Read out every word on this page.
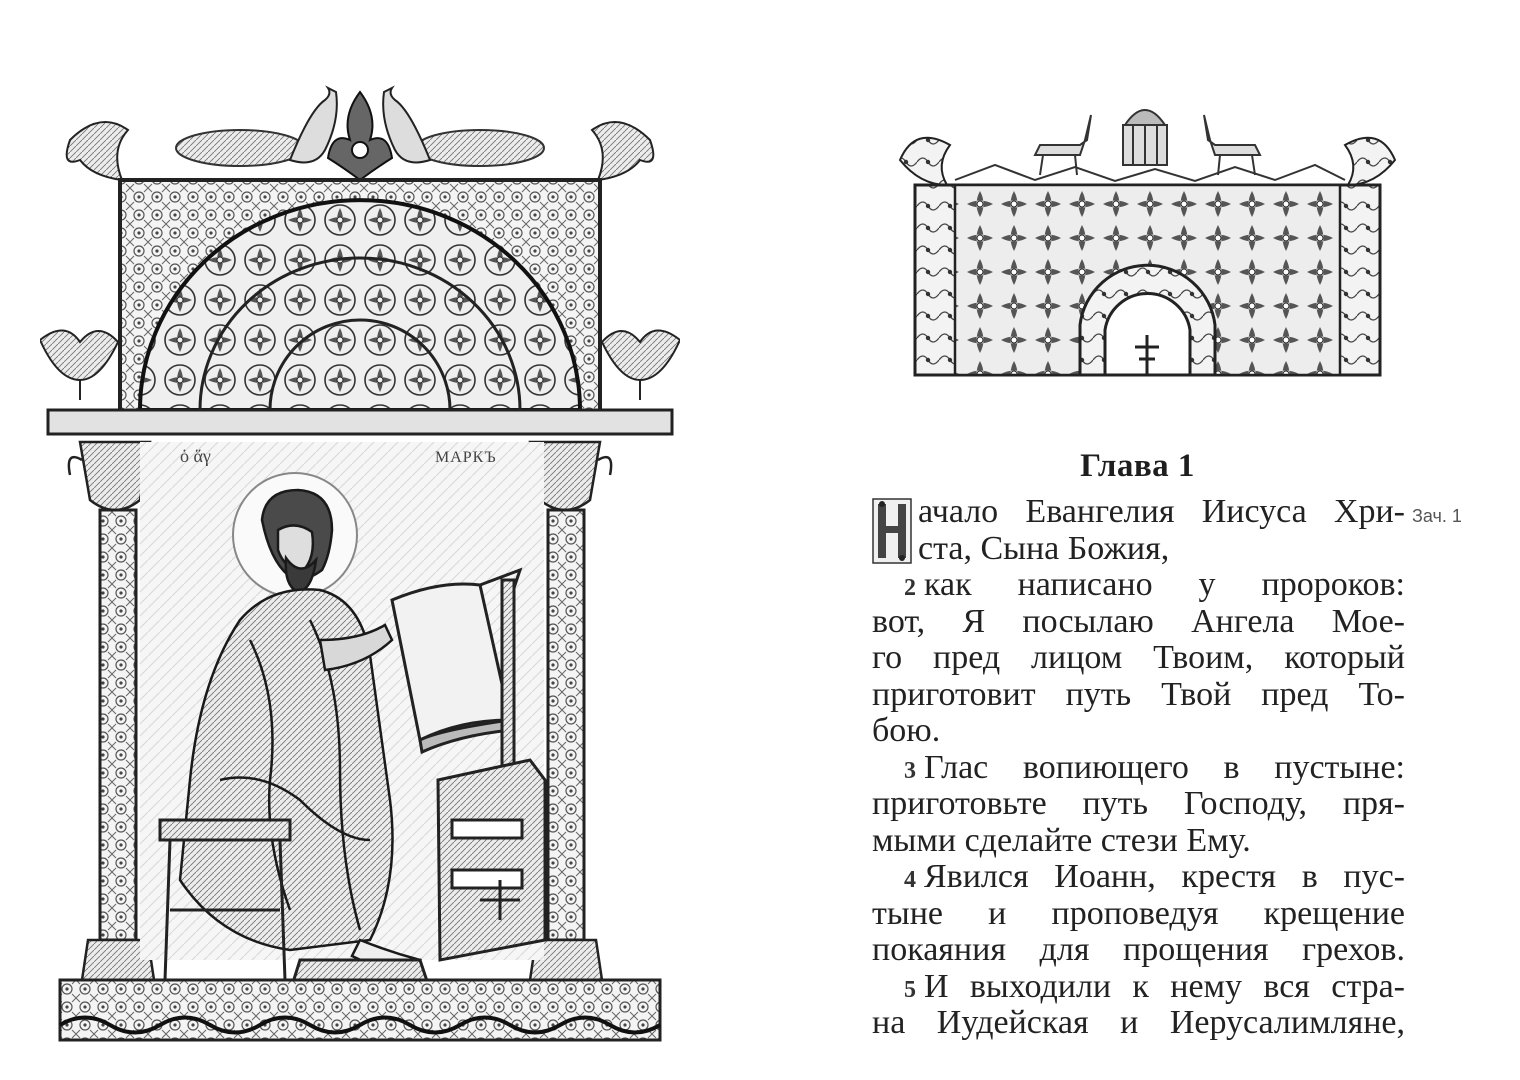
ὁ ἅγ	МАРКЪ	Глава 1
Зач. 1
Н
ачало Евангелия Иисуса Хри-
ста, Сына Божия,
2 как написано у пророков:
вот, Я посылаю Ангела Мое-
го пред лицом Твоим, который
приготовит путь Твой пред То-
бою.
3 Глас вопиющего в пустыне:
приготовьте путь Господу, пря-
мыми сделайте стези Ему.
4 Явился Иоанн, крестя в пус-
тыне и проповедуя крещение
покаяния для прощения грехов.
5 И выходили к нему вся стра-
на Иудейская и Иерусалимляне,
